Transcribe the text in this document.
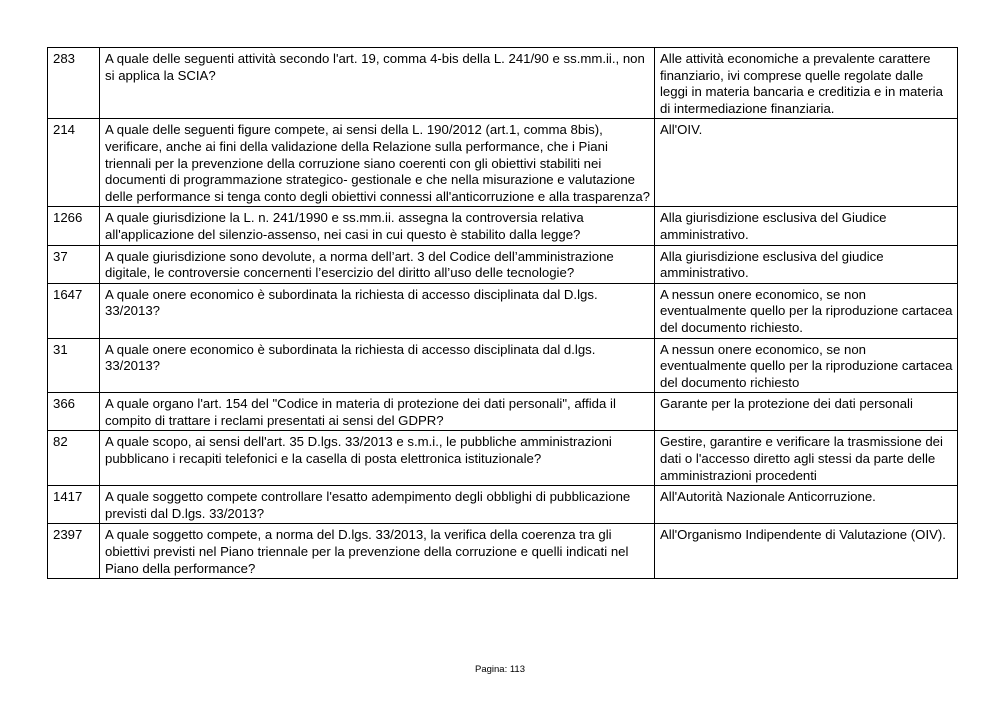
283	A quale delle seguenti attività secondo l'art. 19, comma 4-bis della L. 241/90 e ss.mm.ii., non si applica la SCIA?	Alle attività economiche a prevalente carattere finanziario, ivi comprese quelle regolate dalle leggi in materia bancaria e creditizia e in materia di intermediazione finanziaria.
214	A quale delle seguenti figure compete, ai sensi della L. 190/2012 (art.1, comma 8bis), verificare, anche ai fini della validazione della Relazione sulla performance, che i Piani triennali per la prevenzione della corruzione siano coerenti con gli obiettivi stabiliti nei documenti di programmazione strategico- gestionale e che nella misurazione e valutazione delle performance si tenga conto degli obiettivi connessi all'anticorruzione e alla trasparenza?	All'OIV.
1266	A quale giurisdizione la L. n. 241/1990 e ss.mm.ii. assegna la controversia relativa all'applicazione del silenzio-assenso, nei casi in cui questo è stabilito dalla legge?	Alla giurisdizione esclusiva del Giudice amministrativo.
37	A quale giurisdizione sono devolute, a norma dell’art. 3 del Codice dell’amministrazione digitale, le controversie concernenti l’esercizio del diritto all’uso delle tecnologie?	Alla giurisdizione esclusiva del giudice amministrativo.
1647	A quale onere economico è subordinata la richiesta di accesso disciplinata dal D.lgs. 33/2013?	A nessun onere economico, se non eventualmente quello per la riproduzione cartacea del documento richiesto.
31	A quale onere economico è subordinata la richiesta di accesso disciplinata dal d.lgs. 33/2013?	A nessun onere economico, se non eventualmente quello per la riproduzione cartacea del documento richiesto
366	A quale organo l'art. 154 del "Codice in materia di protezione dei dati personali", affida il compito di trattare i reclami presentati ai sensi del GDPR?	Garante per la protezione dei dati personali
82	A quale scopo, ai sensi dell'art. 35 D.lgs. 33/2013 e s.m.i., le pubbliche amministrazioni pubblicano i recapiti telefonici e la casella di posta elettronica istituzionale?	Gestire, garantire e verificare la trasmissione dei dati o l'accesso diretto agli stessi da parte delle amministrazioni procedenti
1417	A quale soggetto compete controllare l'esatto adempimento degli obblighi di pubblicazione previsti dal D.lgs. 33/2013?	All'Autorità Nazionale Anticorruzione.
2397	A quale soggetto compete, a norma del D.lgs. 33/2013, la verifica della coerenza tra gli obiettivi previsti nel Piano triennale per la prevenzione della corruzione e quelli indicati nel Piano della performance?	All'Organismo Indipendente di Valutazione (OIV).
Pagina: 113
